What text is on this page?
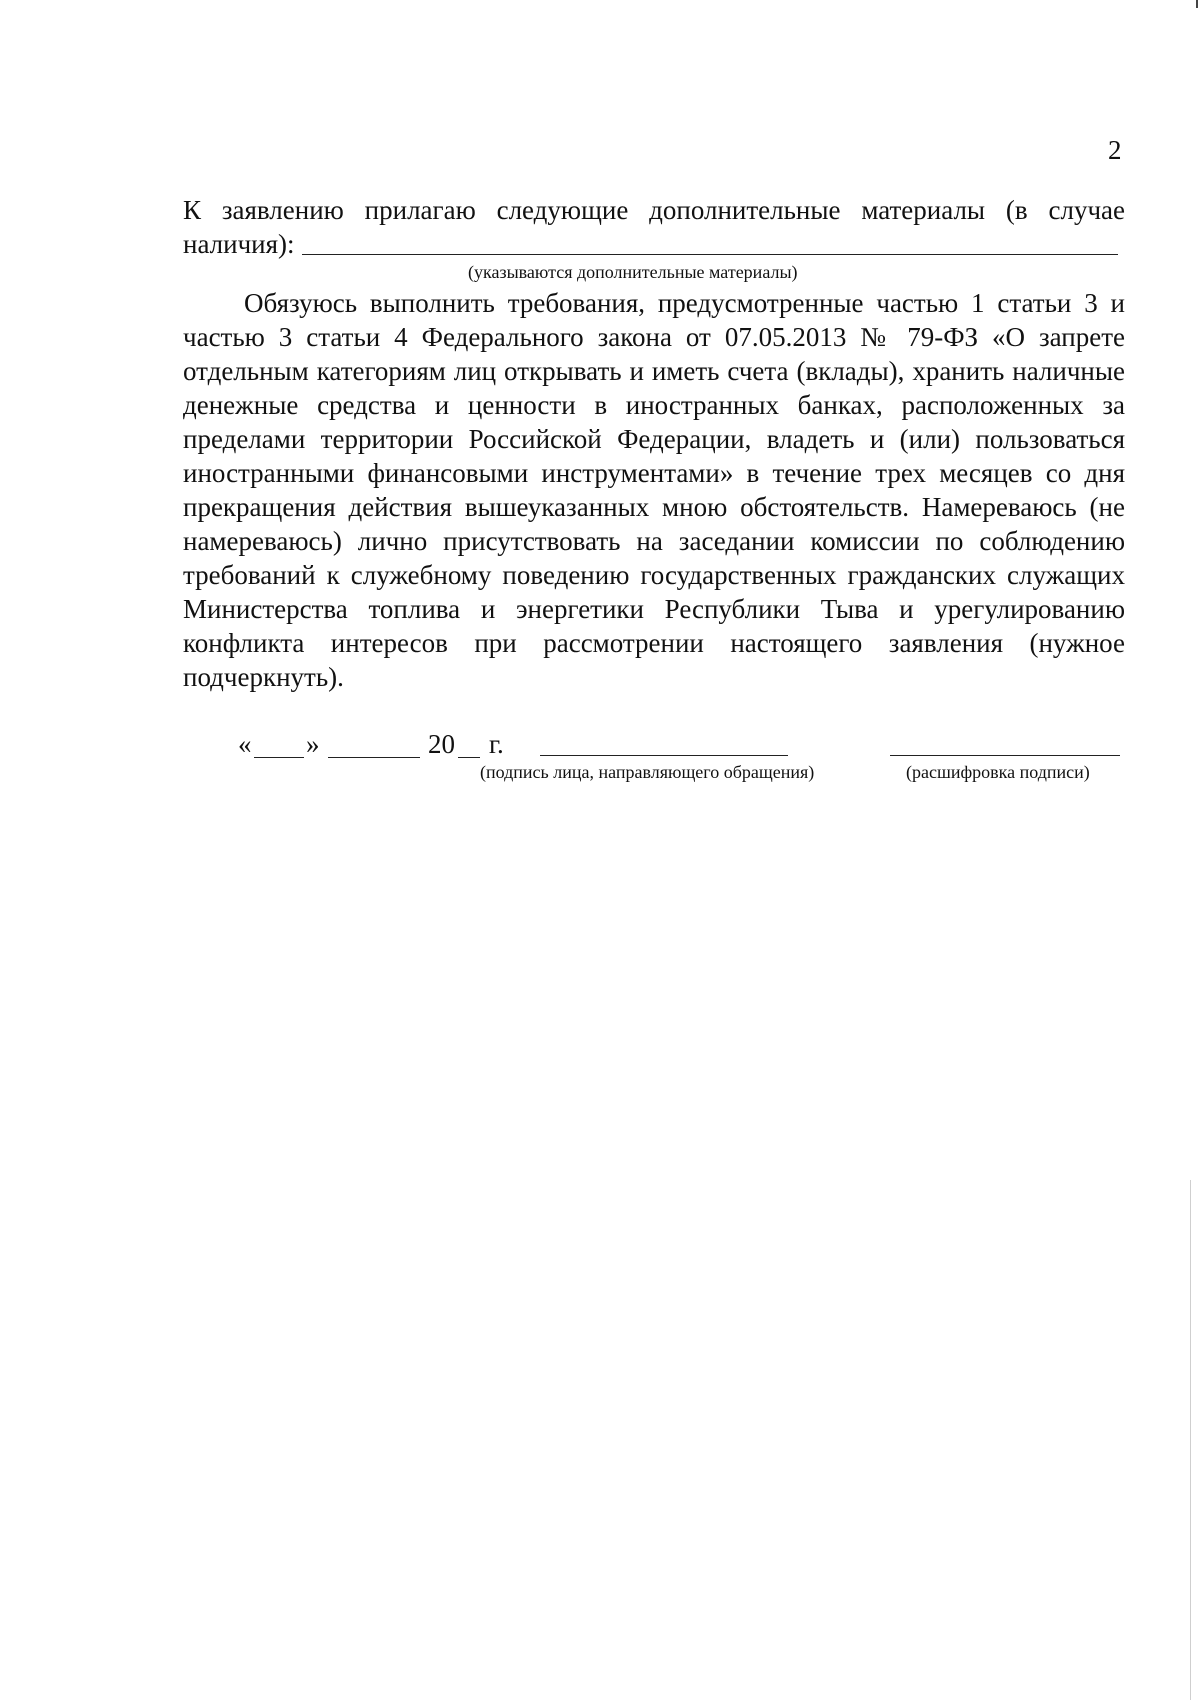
2
К заявлению прилагаю следующие дополнительные материалы (в случае
наличия):
(указываются дополнительные материалы)
Обязуюсь выполнить требования, предусмотренные частью 1 статьи 3 и
частью 3 статьи 4 Федерального закона от 07.05.2013 № 79-ФЗ «О запрете
отдельным категориям лиц открывать и иметь счета (вклады), хранить наличные
денежные средства и ценности в иностранных банках, расположенных за
пределами территории Российской Федерации, владеть и (или) пользоваться
иностранными финансовыми инструментами» в течение трех месяцев со дня
прекращения действия вышеуказанных мною обстоятельств. Намереваюсь (не
намереваюсь) лично присутствовать на заседании комиссии по соблюдению
требований к служебному поведению государственных гражданских служащих
Министерства топлива и энергетики Республики Тыва и урегулированию
конфликта интересов при рассмотрении настоящего заявления (нужное
подчеркнуть).
« »	20 г.
(подпись лица, направляющего обращения)	(расшифровка подписи)
